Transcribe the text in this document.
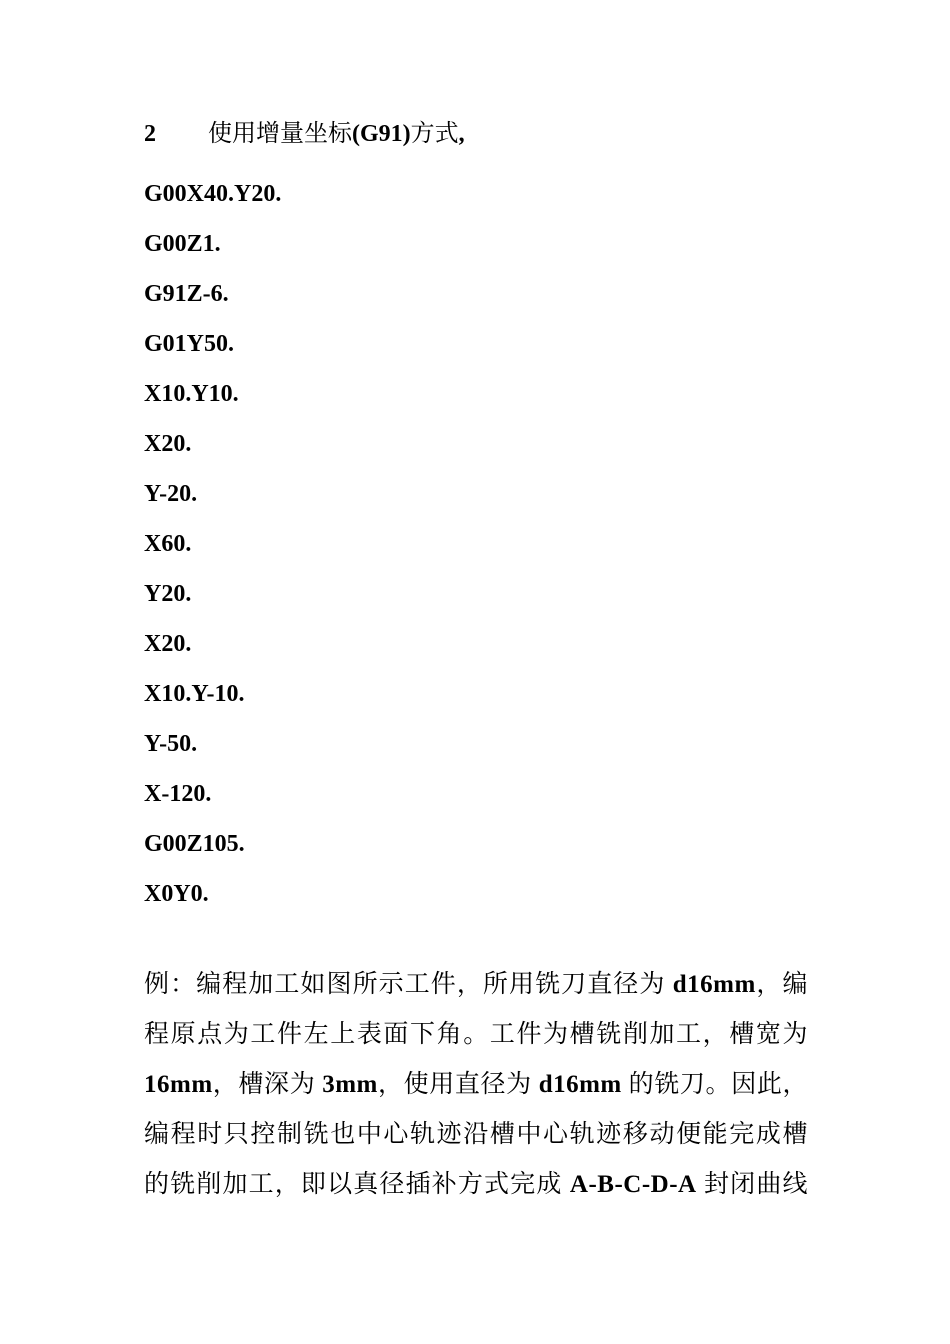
2 使用增量坐标(G91)方式,
G00X40.Y20.
G00Z1.
G91Z-6.
G01Y50.
X10.Y10.
X20.
Y-20.
X60.
Y20.
X20.
X10.Y-10.
Y-50.
X-120.
G00Z105.
X0Y0.
例：编程加工如图所示工件，所用铣刀直径为 d16mm，编
程原点为工件左上表面下角。工件为槽铣削加工，槽宽为
16mm，槽深为 3mm，使用直径为 d16mm 的铣刀。因此，
编程时只控制铣也中心轨迹沿槽中心轨迹移动便能完成槽
的铣削加工，即以真径插补方式完成 A-B-C-D-A 封闭曲线
